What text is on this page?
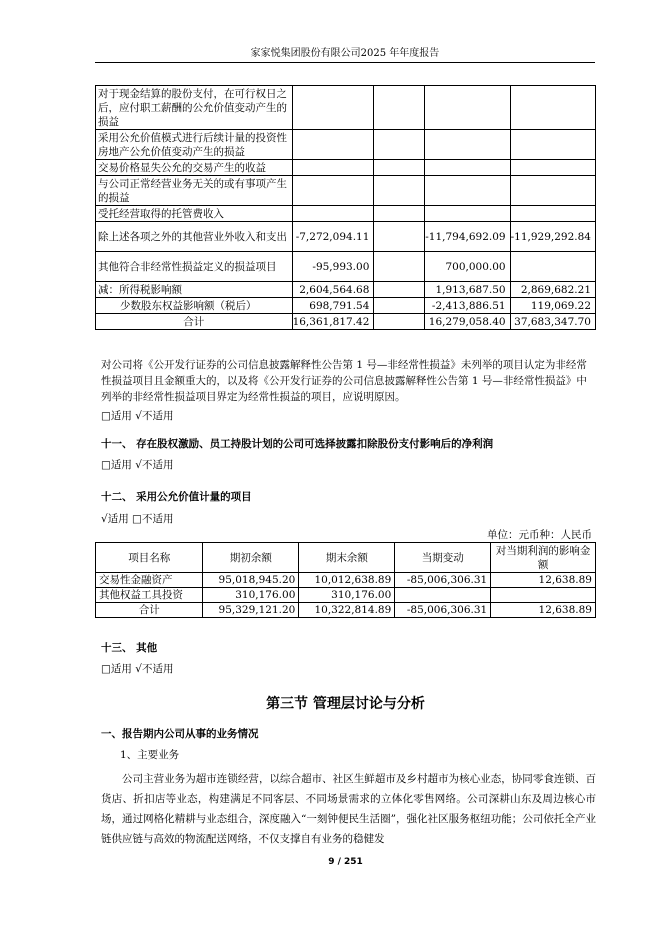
家家悦集团股份有限公司2025 年年度报告
对于现金结算的股份支付，在可行权日之后，应付职工薪酬的公允价值变动产生的损益				
采用公允价值模式进行后续计量的投资性房地产公允价值变动产生的损益				
交易价格显失公允的交易产生的收益				
与公司正常经营业务无关的或有事项产生的损益				
受托经营取得的托管费收入				
除上述各项之外的其他营业外收入和支出	-7,272,094.11		-11,794,692.09	-11,929,292.84
其他符合非经常性损益定义的损益项目	-95,993.00		700,000.00	
减：所得税影响额	2,604,564.68		1,913,687.50	2,869,682.21
少数股东权益影响额（税后）	698,791.54		-2,413,886.51	119,069.22
合计	16,361,817.42		16,279,058.40	37,683,347.70
对公司将《公开发行证券的公司信息披露解释性公告第 1 号—非经常性损益》未列举的项目认定为非经常性损益项目且金额重大的，以及将《公开发行证券的公司信息披露解释性公告第 1 号—非经常性损益》中列举的非经常性损益项目界定为经常性损益的项目，应说明原因。
□适用 √不适用
十一、 存在股权激励、员工持股计划的公司可选择披露扣除股份支付影响后的净利润
□适用 √不适用
十二、 采用公允价值计量的项目
√适用 □不适用
单位：元币种：人民币
项目名称	期初余额	期末余额	当期变动	对当期利润的影响金额
交易性金融资产	95,018,945.20	10,012,638.89	-85,006,306.31	12,638.89
其他权益工具投资	310,176.00	310,176.00		
合计	95,329,121.20	10,322,814.89	-85,006,306.31	12,638.89
十三、 其他
□适用 √不适用
第三节 管理层讨论与分析
一、报告期内公司从事的业务情况
1、主要业务
公司主营业务为超市连锁经营，以综合超市、社区生鲜超市及乡村超市为核心业态，协同零食连锁、百货店、折扣店等业态，构建满足不同客层、不同场景需求的立体化零售网络。公司深耕山东及周边核心市场，通过网格化精耕与业态组合，深度融入“一刻钟便民生活圈”，强化社区服务枢纽功能；公司依托全产业链供应链与高效的物流配送网络，不仅支撑自有业务的稳健发
9 / 251
